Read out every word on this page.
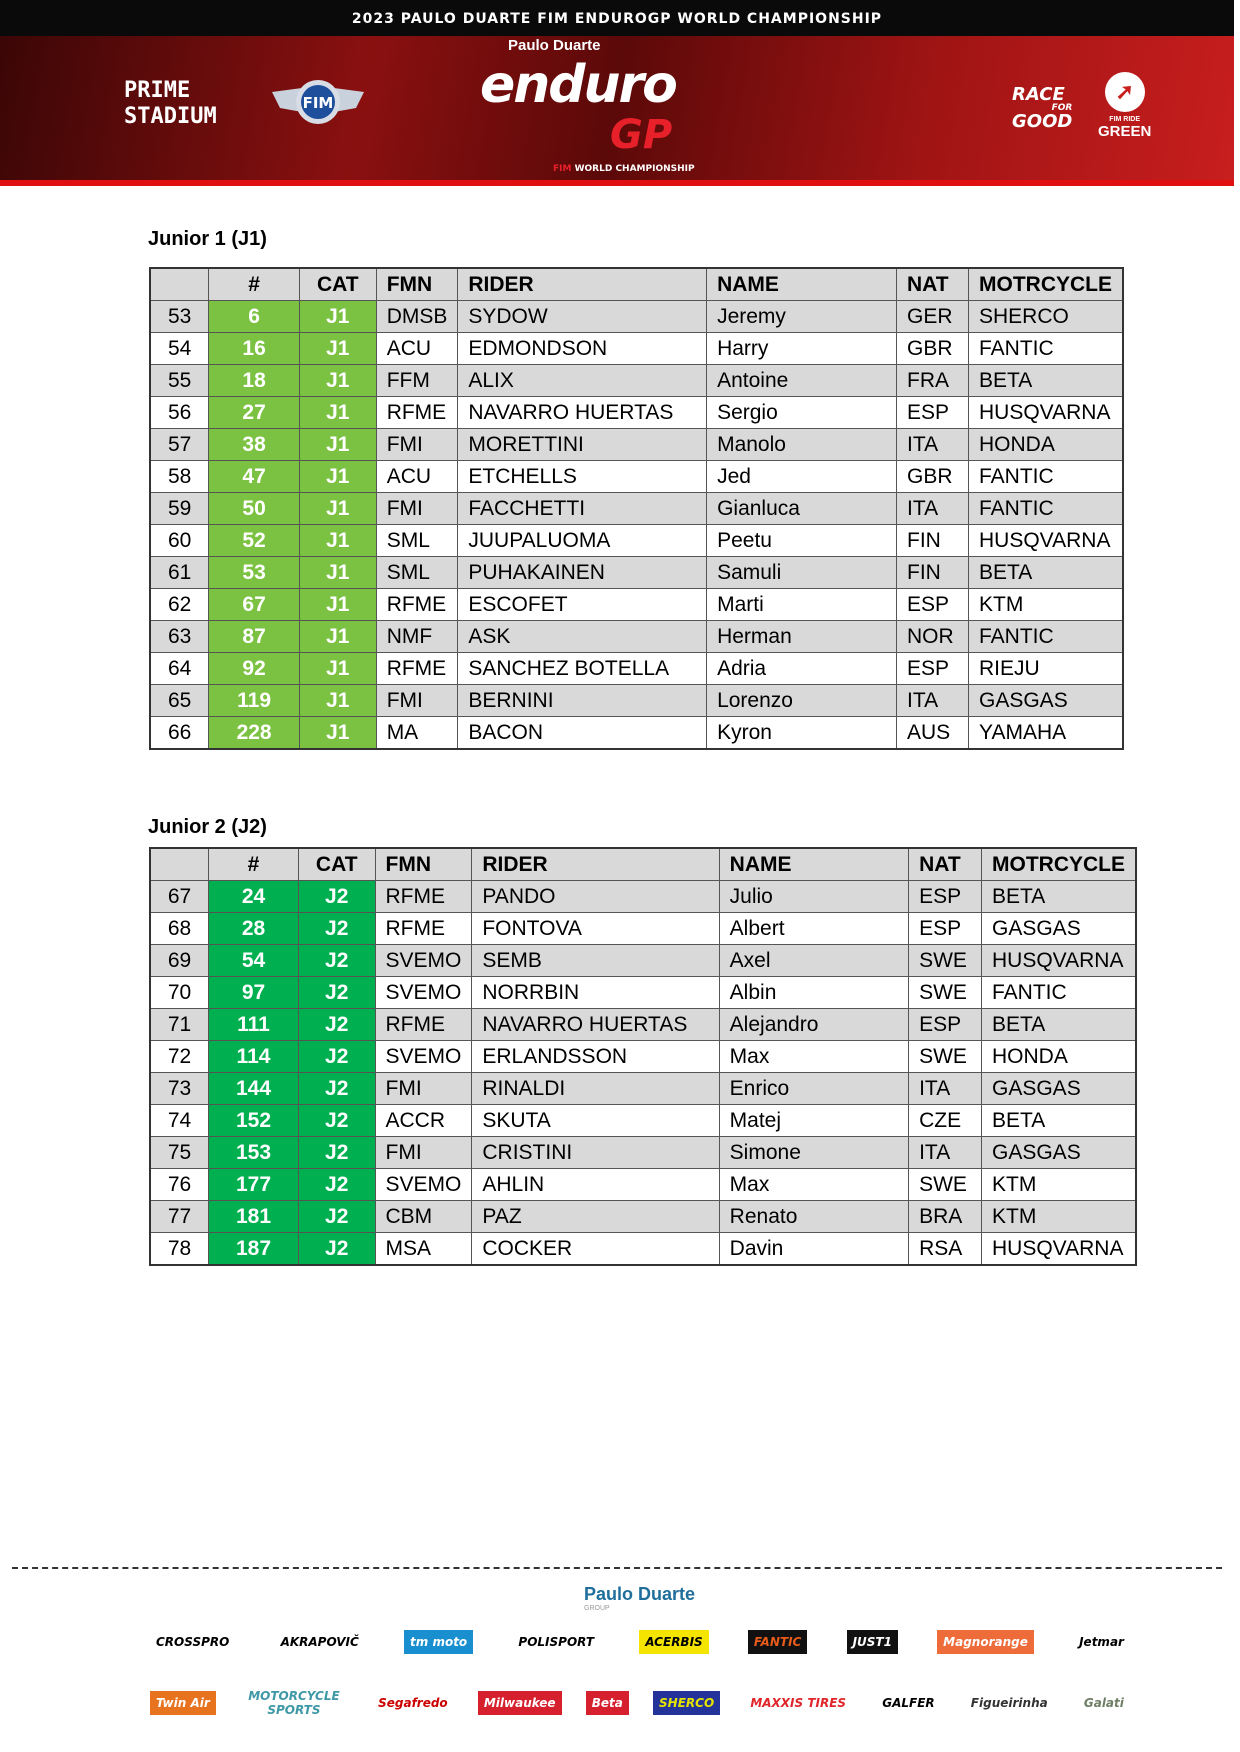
2023 PAULO DUARTE FIM ENDUROGP WORLD CHAMPIONSHIP
PRIME
STADIUM
FIM
Paulo Duarte
enduro
GP
FIM WORLD CHAMPIONSHIP
RACE
FOR
GOOD
➚
FIM RIDE
GREEN
Junior 1 (J1)
	#	CAT	FMN	RIDER	NAME	NAT	MOTRCYCLE
53	6	J1	DMSB	SYDOW	Jeremy	GER	SHERCO
54	16	J1	ACU	EDMONDSON	Harry	GBR	FANTIC
55	18	J1	FFM	ALIX	Antoine	FRA	BETA
56	27	J1	RFME	NAVARRO HUERTAS	Sergio	ESP	HUSQVARNA
57	38	J1	FMI	MORETTINI	Manolo	ITA	HONDA
58	47	J1	ACU	ETCHELLS	Jed	GBR	FANTIC
59	50	J1	FMI	FACCHETTI	Gianluca	ITA	FANTIC
60	52	J1	SML	JUUPALUOMA	Peetu	FIN	HUSQVARNA
61	53	J1	SML	PUHAKAINEN	Samuli	FIN	BETA
62	67	J1	RFME	ESCOFET	Marti	ESP	KTM
63	87	J1	NMF	ASK	Herman	NOR	FANTIC
64	92	J1	RFME	SANCHEZ BOTELLA	Adria	ESP	RIEJU
65	119	J1	FMI	BERNINI	Lorenzo	ITA	GASGAS
66	228	J1	MA	BACON	Kyron	AUS	YAMAHA
Junior 2 (J2)
	#	CAT	FMN	RIDER	NAME	NAT	MOTRCYCLE
67	24	J2	RFME	PANDO	Julio	ESP	BETA
68	28	J2	RFME	FONTOVA	Albert	ESP	GASGAS
69	54	J2	SVEMO	SEMB	Axel	SWE	HUSQVARNA
70	97	J2	SVEMO	NORRBIN	Albin	SWE	FANTIC
71	111	J2	RFME	NAVARRO HUERTAS	Alejandro	ESP	BETA
72	114	J2	SVEMO	ERLANDSSON	Max	SWE	HONDA
73	144	J2	FMI	RINALDI	Enrico	ITA	GASGAS
74	152	J2	ACCR	SKUTA	Matej	CZE	BETA
75	153	J2	FMI	CRISTINI	Simone	ITA	GASGAS
76	177	J2	SVEMO	AHLIN	Max	SWE	KTM
77	181	J2	CBM	PAZ	Renato	BRA	KTM
78	187	J2	MSA	COCKER	Davin	RSA	HUSQVARNA
Paulo Duarte
GROUP
CROSSPRO	AKRAPOVIČ	tm moto	POLISPORT	ACERBIS	FANTIC	JUST1	Magnorange	Jetmar
Twin Air	MOTORCYCLE SPORTS	Segafredo	Milwaukee	Beta	SHERCO	MAXXIS TIRES	GALFER	Figueirinha	Galati
